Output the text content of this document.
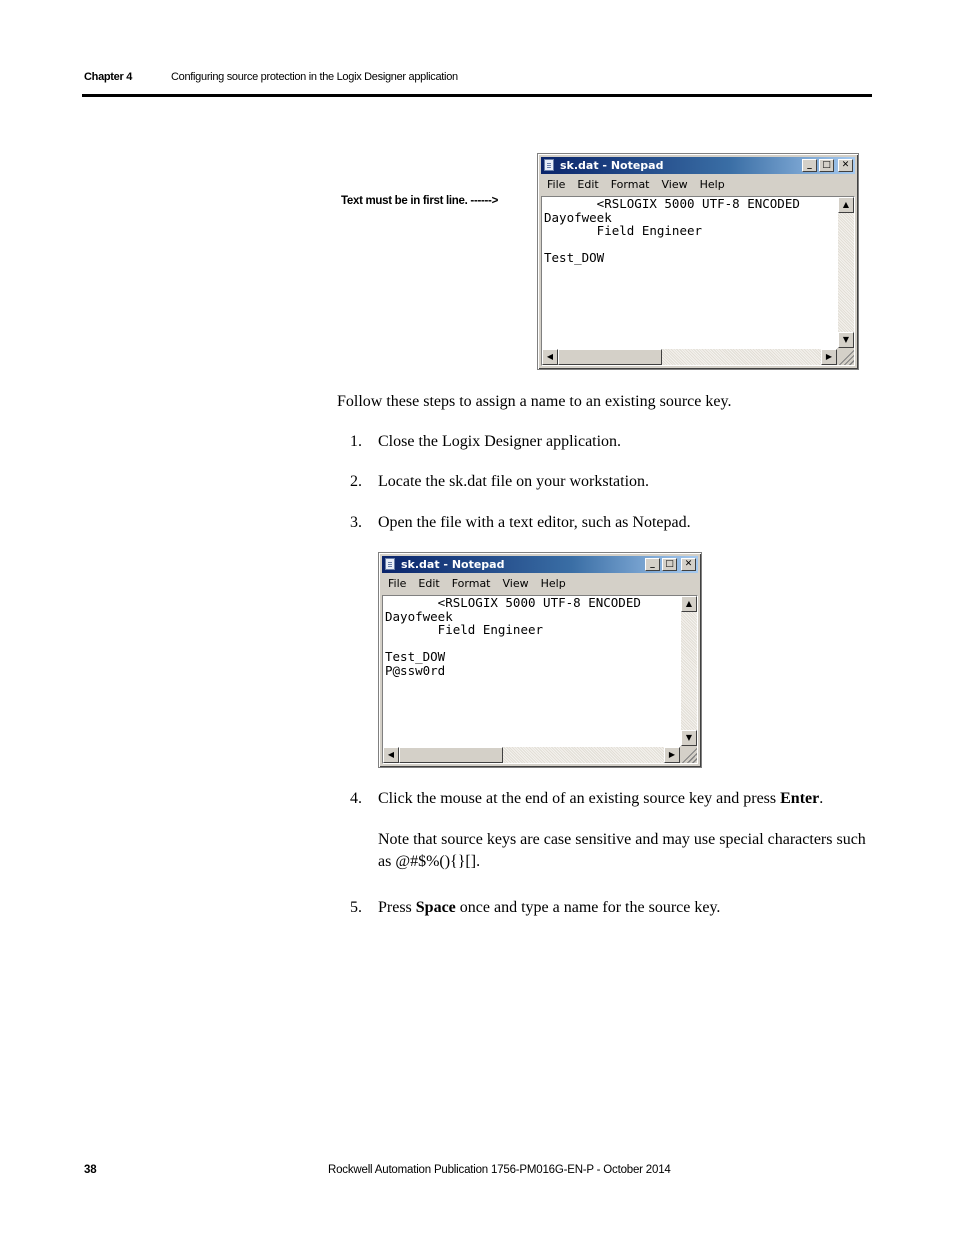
Chapter 4	Configuring source protection in the Logix Designer application
Text must be in first line. ------>
sk.dat - Notepad	_	□	✕
File	Edit	Format	View	Help
<RSLOGIX 5000 UTF-8 ENCODED
Dayofweek
Field Engineer

Test_DOW
▲
▼
◀	▶
Follow these steps to assign a name to an existing source key.
1.	Close the Logix Designer application.
2.	Locate the sk.dat file on your workstation.
3.	Open the file with a text editor, such as Notepad.
sk.dat - Notepad	_	□	✕
File	Edit	Format	View	Help
<RSLOGIX 5000 UTF-8 ENCODED
Dayofweek
Field Engineer

Test_DOW
P@ssw0rd
▲
▼
◀	▶
4.	Click the mouse at the end of an existing source key and press Enter.
Note that source keys are case sensitive and may use special characters such as @#$%(){}[].
5.	Press Space once and type a name for the source key.
38	Rockwell Automation Publication 1756-PM016G-EN-P - October 2014
